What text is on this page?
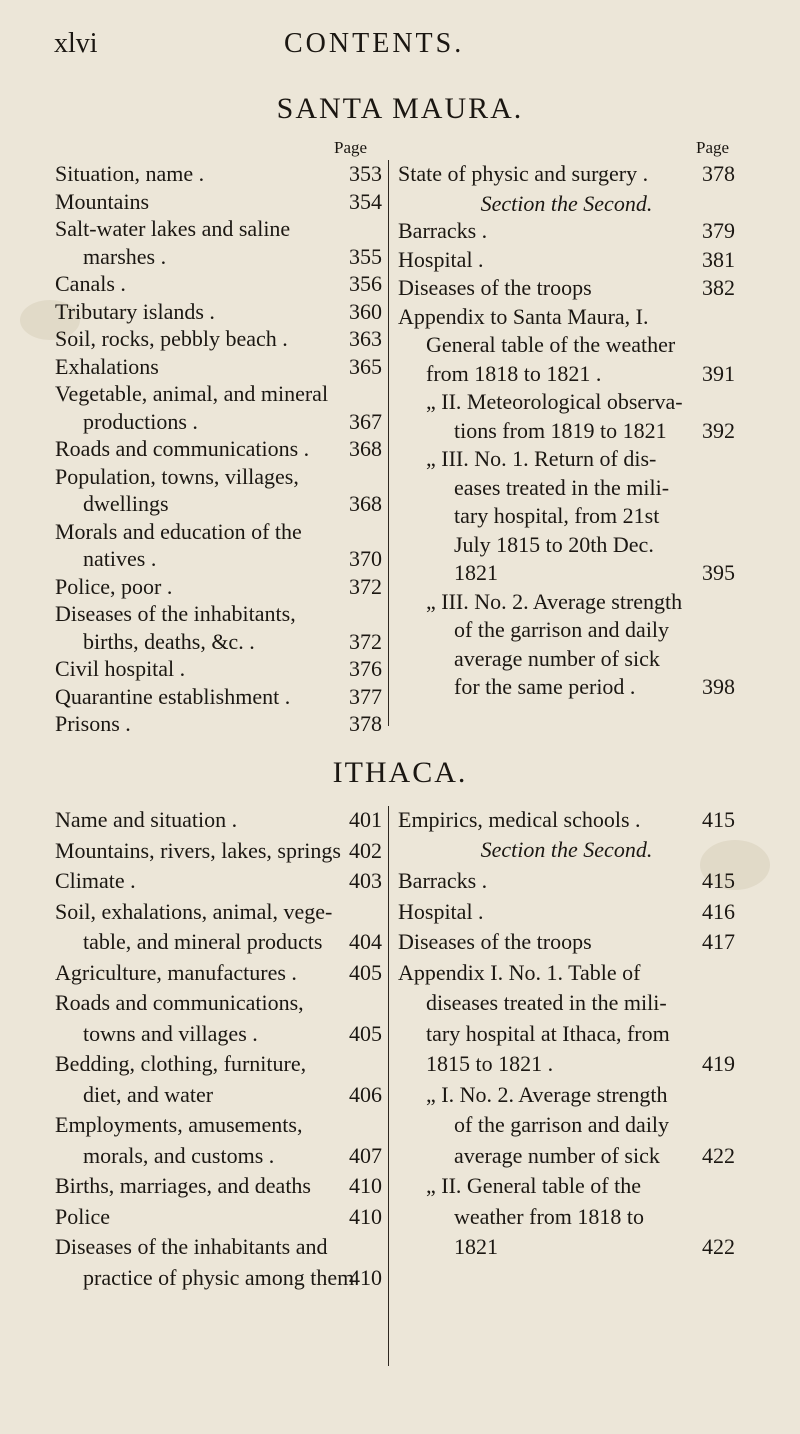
xlvi	CONTENTS.
SANTA MAURA.
Page	Page
Situation, name .	353
Mountains	354
Salt-water lakes and saline
marshes .	355
Canals .	356
Tributary islands .	360
Soil, rocks, pebbly beach .	363
Exhalations	365
Vegetable, animal, and mineral
productions .	367
Roads and communications . 368
Population, towns, villages,
dwellings	368
Morals and education of the
natives .	370
Police, poor .	372
Diseases of the inhabitants,
births, deaths, &c. .	372
Civil hospital .	376
Quarantine establishment .	377
Prisons .	378
Section the Second.
State of physic and surgery . 378
Barracks .	379
Hospital .	381
Diseases of the troops	382
Appendix to Santa Maura, I.
General table of the weather
from 1818 to 1821 .	391
„ II. Meteorological observa-
tions from 1819 to 1821 392
„ III. No. 1. Return of dis-
eases treated in the mili-
tary hospital, from 21st
July 1815 to 20th Dec.
1821	395
„ III. No. 2. Average strength
of the garrison and daily
average number of sick
for the same period .	398
ITHACA.
Name and situation .	401
Mountains, rivers, lakes, springs 402
Climate .	403
Soil, exhalations, animal, vege-
table, and mineral products 404
Agriculture, manufactures . 405
Roads and communications,
towns and villages .	405
Bedding, clothing, furniture,
diet, and water	406
Employments, amusements,
morals, and customs .	407
Births, marriages, and deaths 410
Police	410
Diseases of the inhabitants and
practice of physic among them
410
Section the Second.
Empirics, medical schools .	415
Barracks .	415
Hospital .	416
Diseases of the troops	417
Appendix I. No. 1. Table of
diseases treated in the mili-
tary hospital at Ithaca, from
1815 to 1821 .	419
„ I. No. 2. Average strength
of the garrison and daily
average number of sick 422
„ II. General table of the
weather from 1818 to
1821	422
